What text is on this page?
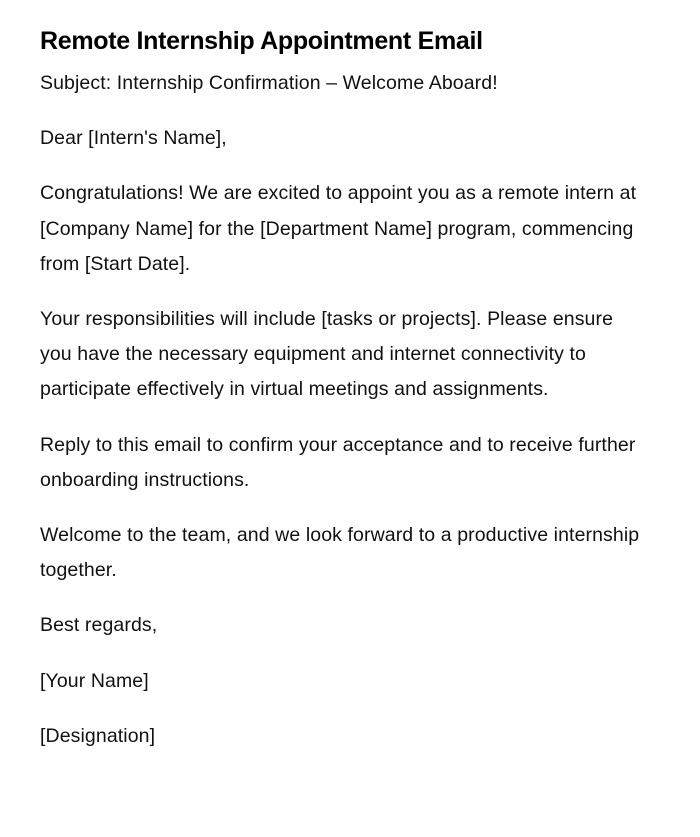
Remote Internship Appointment Email

Subject: Internship Confirmation – Welcome Aboard!

Dear [Intern's Name],

Congratulations! We are excited to appoint you as a remote intern at [Company Name] for the [Department Name] program, commencing from [Start Date].

Your responsibilities will include [tasks or projects]. Please ensure you have the necessary equipment and internet connectivity to participate effectively in virtual meetings and assignments.

Reply to this email to confirm your acceptance and to receive further onboarding instructions.

Welcome to the team, and we look forward to a productive internship together.

Best regards,

[Your Name]

[Designation]
